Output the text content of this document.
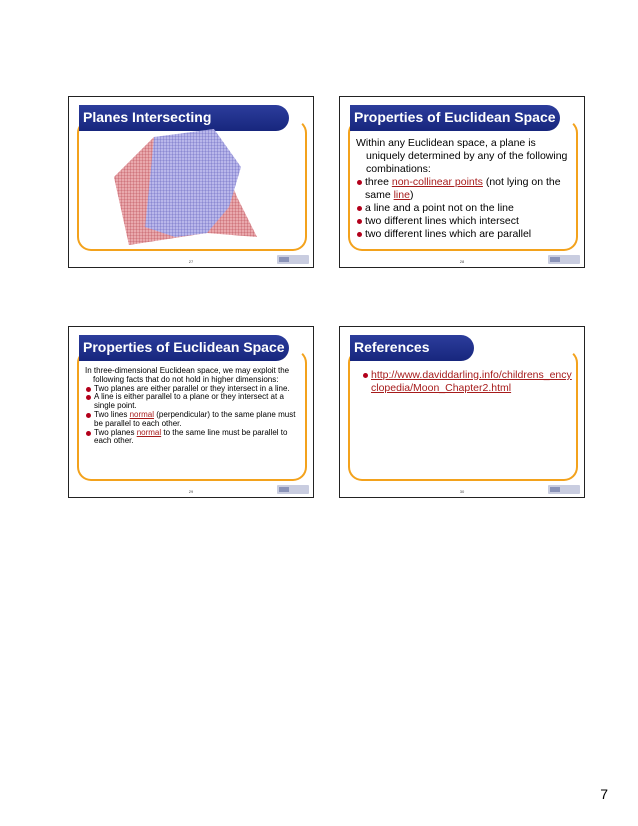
Planes Intersecting
27
Properties of Euclidean Space
Within any Euclidean space, a plane is uniquely determined by any of the following combinations:
three non-collinear points (not lying on the same line)
a line and a point not on the line
two different lines which intersect
two different lines which are parallel
28
Properties of Euclidean Space
In three-dimensional Euclidean space, we may exploit the following facts that do not hold in higher dimensions:
Two planes are either parallel or they intersect in a line.
A line is either parallel to a plane or they intersect at a single point.
Two lines normal (perpendicular) to the same plane must be parallel to each other.
Two planes normal to the same line must be parallel to each other.
29
References
http://www.daviddarling.info/childrens_encyclopedia/Moon_Chapter2.html
30
7
